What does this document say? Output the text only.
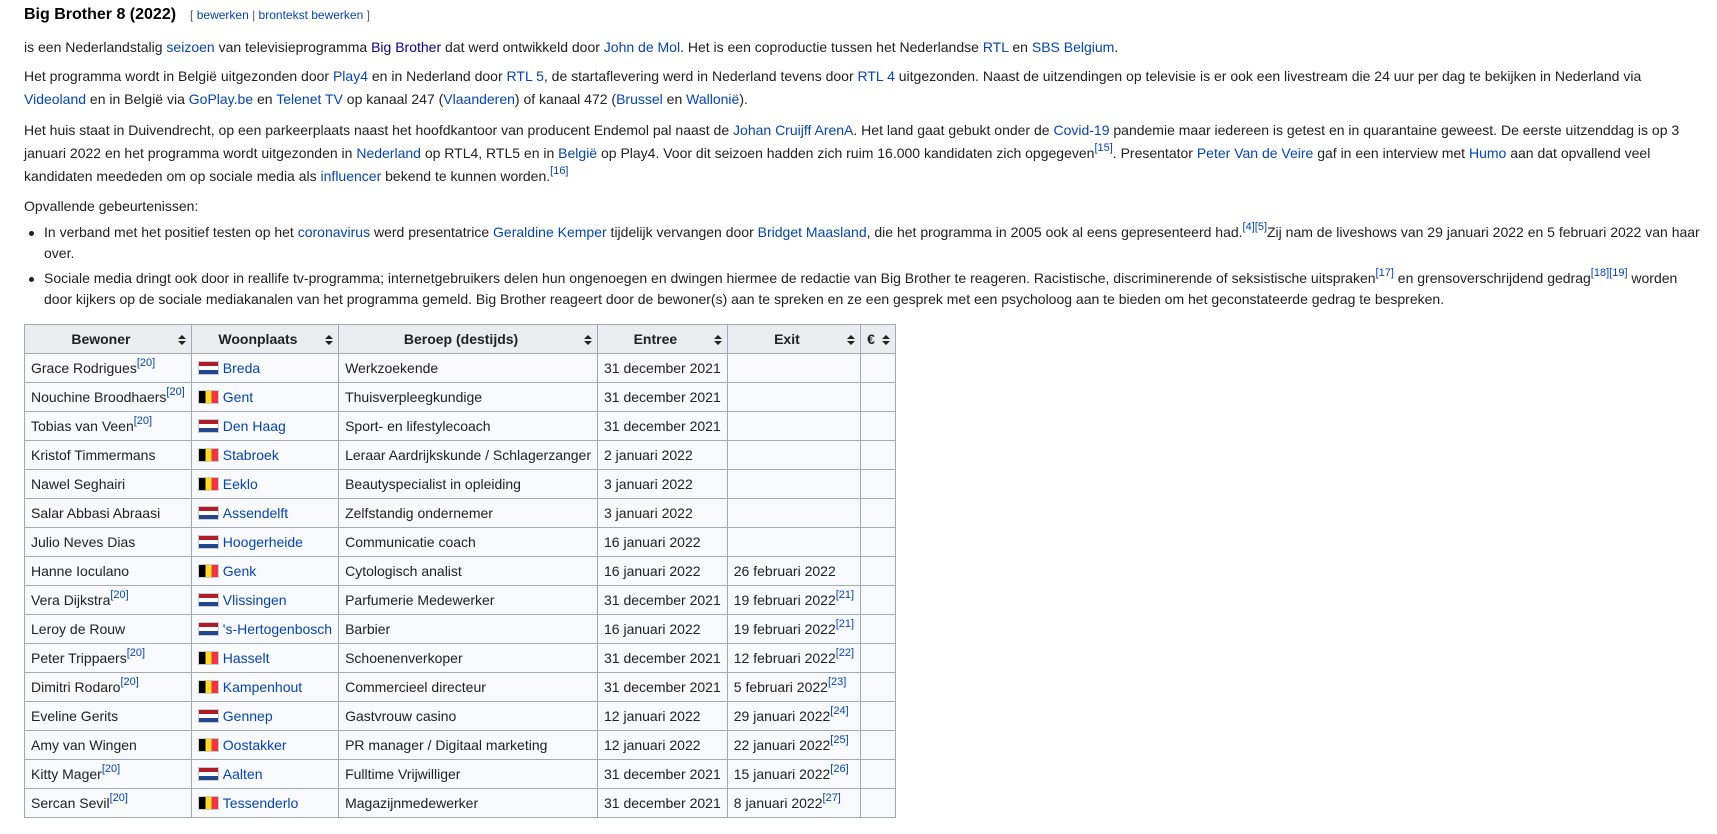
Big Brother 8 (2022) [ bewerken | brontekst bewerken ]

is een Nederlandstalig seizoen van televisieprogramma Big Brother dat werd ontwikkeld door John de Mol. Het is een coproductie tussen het Nederlandse RTL en SBS Belgium.

Het programma wordt in België uitgezonden door Play4 en in Nederland door RTL 5, de startaflevering werd in Nederland tevens door RTL 4 uitgezonden. Naast de uitzendingen op televisie is er ook een livestream die 24 uur per dag te bekijken in Nederland via Videoland en in België via GoPlay.be en Telenet TV op kanaal 247 (Vlaanderen) of kanaal 472 (Brussel en Wallonië).

Het huis staat in Duivendrecht, op een parkeerplaats naast het hoofdkantoor van producent Endemol pal naast de Johan Cruijff ArenA. Het land gaat gebukt onder de Covid-19 pandemie maar iedereen is getest en in quarantaine geweest. De eerste uitzenddag is op 3 januari 2022 en het programma wordt uitgezonden in Nederland op RTL4, RTL5 en in België op Play4. Voor dit seizoen hadden zich ruim 16.000 kandidaten zich opgegeven[15]. Presentator Peter Van de Veire gaf in een interview met Humo aan dat opvallend veel kandidaten meededen om op sociale media als influencer bekend te kunnen worden.[16]

Opvallende gebeurtenissen:

In verband met het positief testen op het coronavirus werd presentatrice Geraldine Kemper tijdelijk vervangen door Bridget Maasland, die het programma in 2005 ook al eens gepresenteerd had.[4][5]Zij nam de liveshows van 29 januari 2022 en 5 februari 2022 van haar over.
Sociale media dringt ook door in reallife tv-programma; internetgebruikers delen hun ongenoegen en dwingen hiermee de redactie van Big Brother te reageren. Racistische, discriminerende of seksistische uitspraken[17] en grensoverschrijdend gedrag[18][19] worden door kijkers op de sociale mediakanalen van het programma gemeld. Big Brother reageert door de bewoner(s) aan te spreken en ze een gesprek met een psycholoog aan te bieden om het geconstateerde gedrag te bespreken.
Bewoner	Woonplaats	Beroep (destijds)	Entree	Exit	€

Grace Rodrigues[20]	Breda	Werkzoekende	31 december 2021		
Nouchine Broodhaers[20]	Gent	Thuisverpleegkundige	31 december 2021		
Tobias van Veen[20]	Den Haag	Sport- en lifestylecoach	31 december 2021		
Kristof Timmermans	Stabroek	Leraar Aardrijkskunde / Schlagerzanger	2 januari 2022		
Nawel Seghairi	Eeklo	Beautyspecialist in opleiding	3 januari 2022		
Salar Abbasi Abraasi	Assendelft	Zelfstandig ondernemer	3 januari 2022		
Julio Neves Dias	Hoogerheide	Communicatie coach	16 januari 2022		
Hanne Ioculano	Genk	Cytologisch analist	16 januari 2022	26 februari 2022	
Vera Dijkstra[20]	Vlissingen	Parfumerie Medewerker	31 december 2021	19 februari 2022[21]	
Leroy de Rouw	's-Hertogenbosch	Barbier	16 januari 2022	19 februari 2022[21]	
Peter Trippaers[20]	Hasselt	Schoenenverkoper	31 december 2021	12 februari 2022[22]	
Dimitri Rodaro[20]	Kampenhout	Commercieel directeur	31 december 2021	5 februari 2022[23]	
Eveline Gerits	Gennep	Gastvrouw casino	12 januari 2022	29 januari 2022[24]	
Amy van Wingen	Oostakker	PR manager / Digitaal marketing	12 januari 2022	22 januari 2022[25]	
Kitty Mager[20]	Aalten	Fulltime Vrijwilliger	31 december 2021	15 januari 2022[26]	
Sercan Sevil[20]	Tessenderlo	Magazijnmedewerker	31 december 2021	8 januari 2022[27]	
